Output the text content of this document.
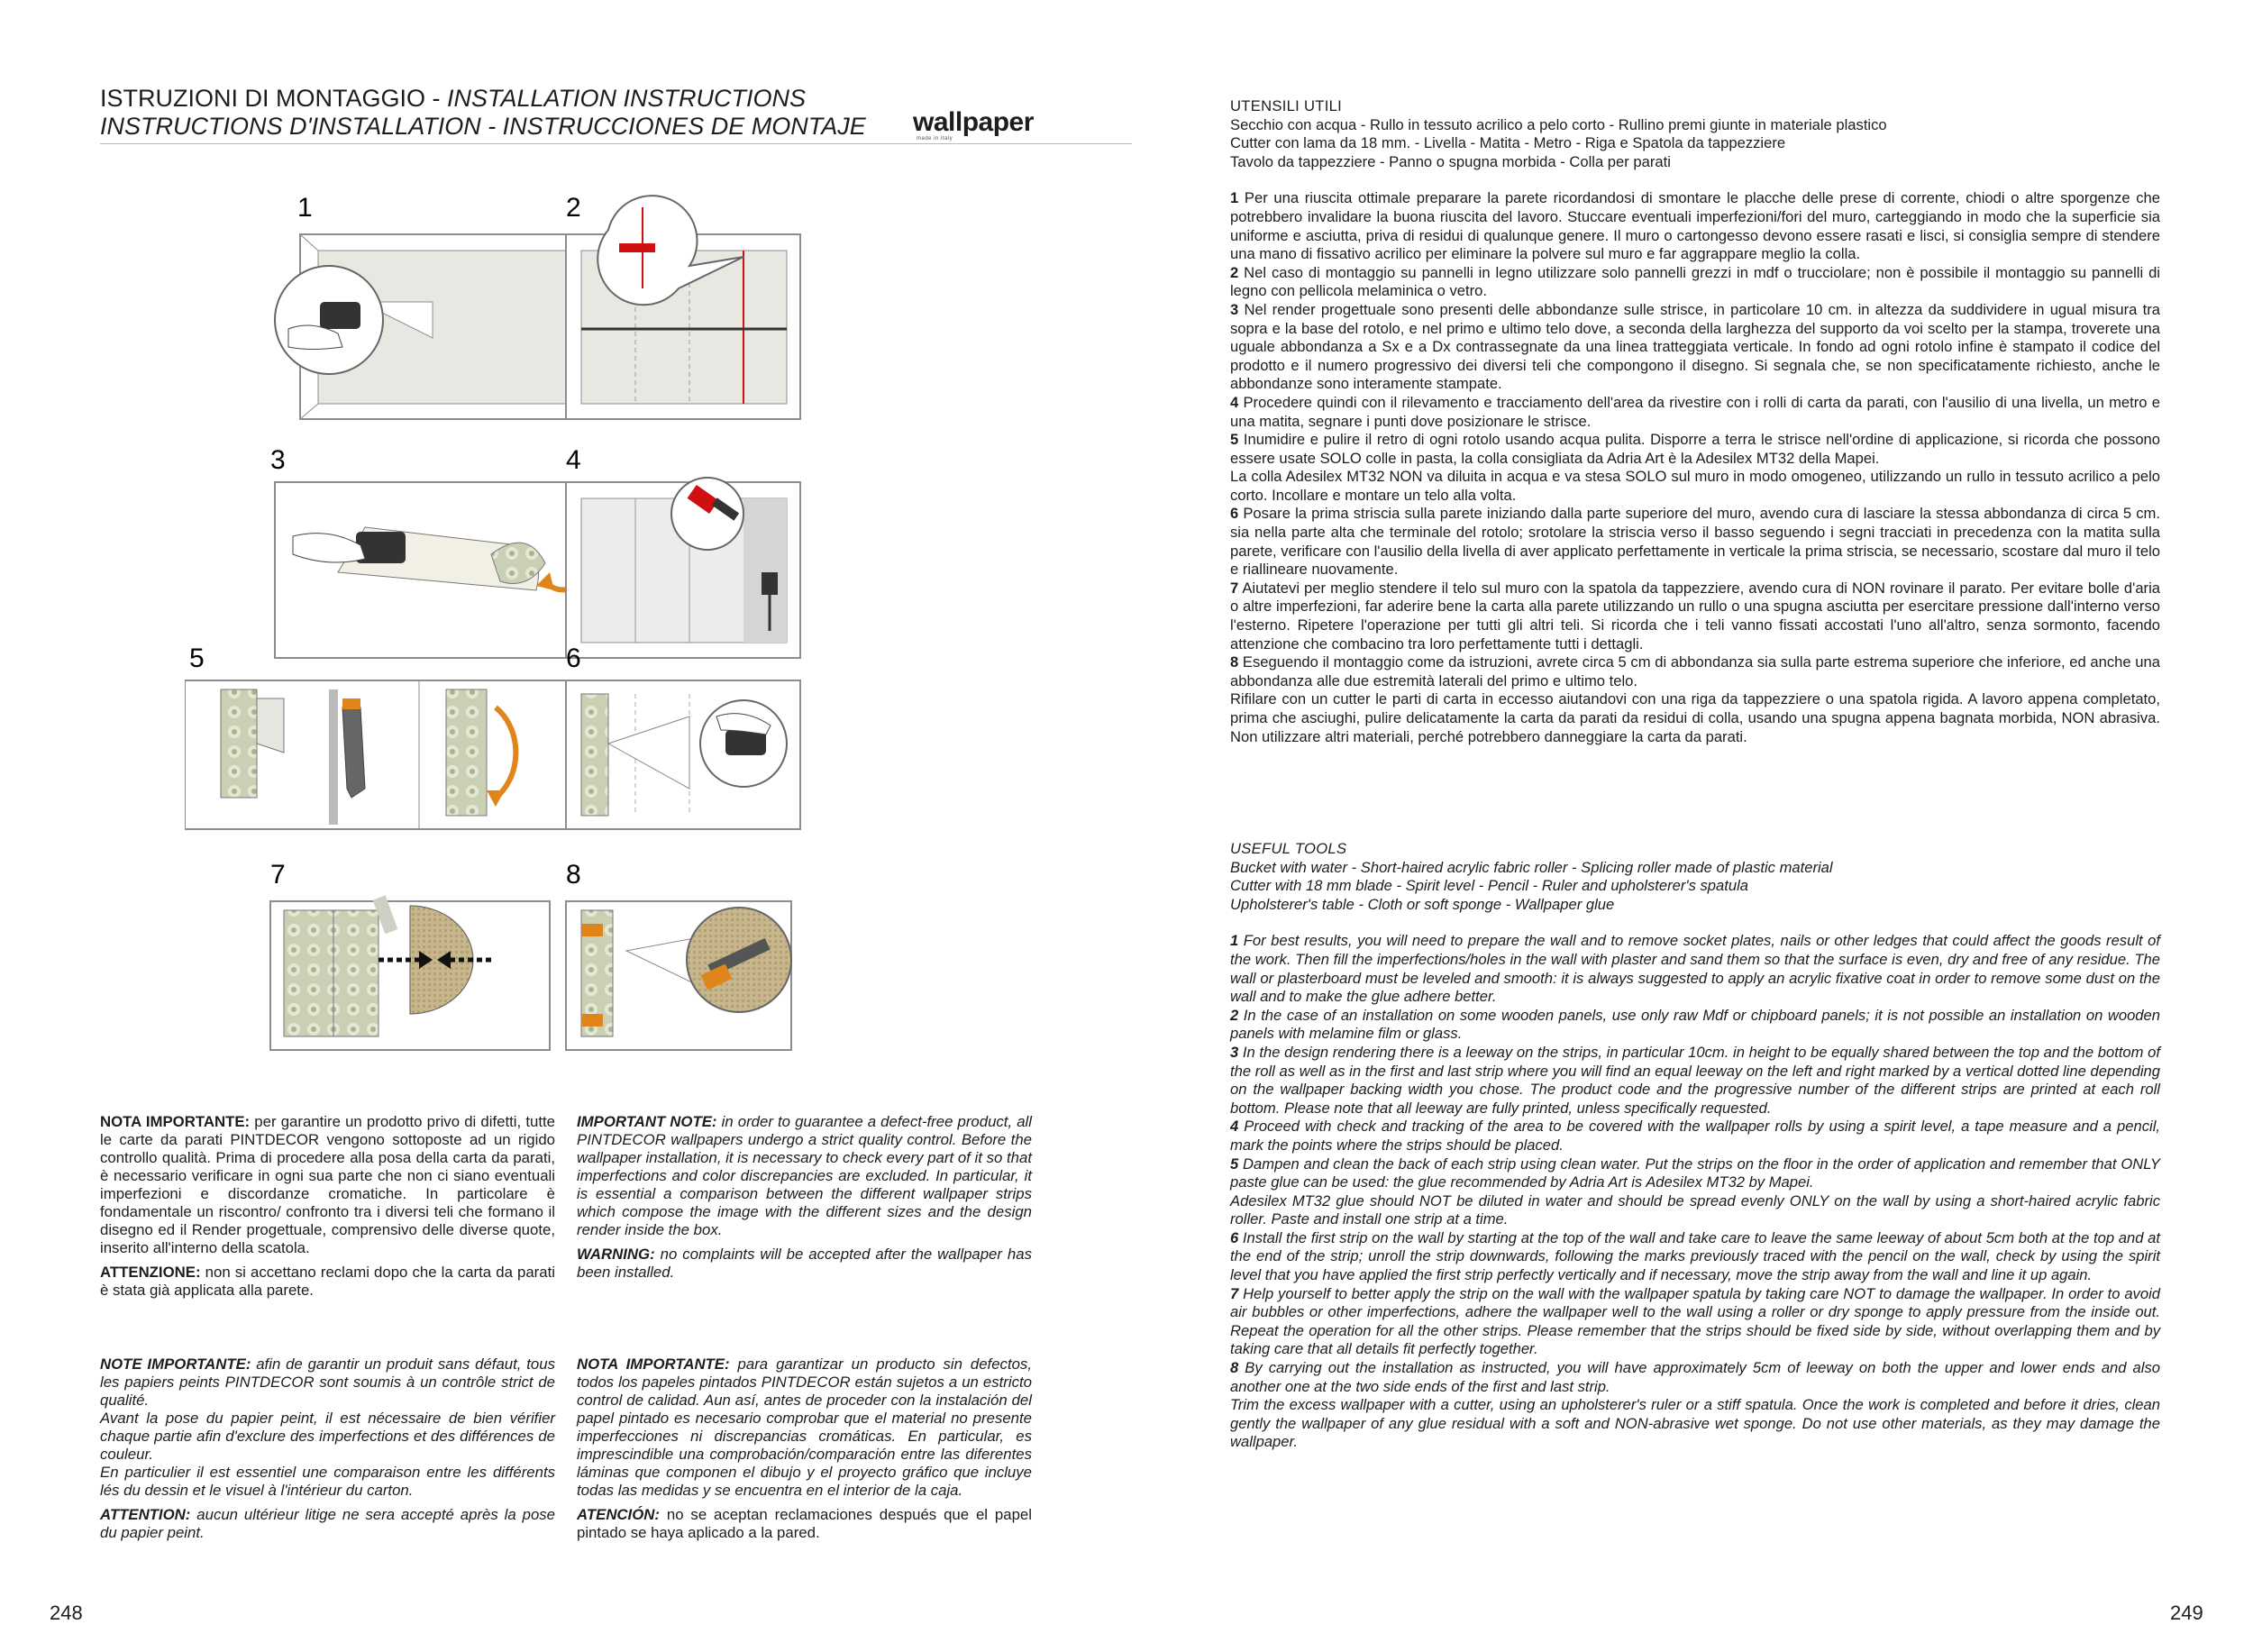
ISTRUZIONI DI MONTAGGIO - INSTALLATION INSTRUCTIONS
INSTRUCTIONS D'INSTALLATION - INSTRUCCIONES DE MONTAJE	wallpaper
made in italy
1	2
3	4
5	6
7	8

NOTA IMPORTANTE: per garantire un prodotto privo di difetti, tutte le carte da parati PINTDECOR vengono sottoposte ad un rigido controllo qualità. Prima di procedere alla posa della carta da parati, è necessario verificare in ogni sua parte che non ci siano eventuali imperfezioni e discordanze cromatiche. In particolare è fondamentale un riscontro/ confronto tra i diversi teli che formano il disegno ed il Render progettuale, comprensivo delle diverse quote, inserito all'interno della scatola.

ATTENZIONE: non si accettano reclami dopo che la carta da parati è stata già applicata alla parete.

IMPORTANT NOTE: in order to guarantee a defect-free product, all PINTDECOR wallpapers undergo a strict quality control. Before the wallpaper installation, it is necessary to check every part of it so that imperfections and color discrepancies are excluded. In particular, it is essential a comparison between the different wallpaper strips which compose the image with the different sizes and the design render inside the box.

WARNING: no complaints will be accepted after the wallpaper has been installed.

NOTE IMPORTANTE: afin de garantir un produit sans défaut, tous les papiers peints PINTDECOR sont soumis à un contrôle strict de qualité.

Avant la pose du papier peint, il est nécessaire de bien vérifier chaque partie afin d'exclure des imperfections et des différences de couleur.

En particulier il est essentiel une comparaison entre les différents lés du dessin et le visuel à l'intérieur du carton.

ATTENTION: aucun ultérieur litige ne sera accepté après la pose du papier peint.

NOTA IMPORTANTE: para garantizar un producto sin defectos, todos los papeles pintados PINTDECOR están sujetos a un estricto control de calidad. Aun así, antes de proceder con la instalación del papel pintado es necesario comprobar que el material no presente imperfecciones ni discrepancias cromáticas. En particular, es imprescindible una comprobación/comparación entre las diferentes láminas que componen el dibujo y el proyecto gráfico que incluye todas las medidas y se encuentra en el interior de la caja.

ATENCIÓN: no se aceptan reclamaciones después que el papel pintado se haya aplicado a la pared.

UTENSILI UTILI

Secchio con acqua - Rullo in tessuto acrilico a pelo corto - Rullino premi giunte in materiale plastico

Cutter con lama da 18 mm. - Livella - Matita - Metro - Riga e Spatola da tappezziere

Tavolo da tappezziere - Panno o spugna morbida - Colla per parati

1 Per una riuscita ottimale preparare la parete ricordandosi di smontare le placche delle prese di corrente, chiodi o altre sporgenze che potrebbero invalidare la buona riuscita del lavoro. Stuccare eventuali imperfezioni/fori del muro, carteggiando in modo che la superficie sia uniforme e asciutta, priva di residui di qualunque genere. Il muro o cartongesso devono essere rasati e lisci, si consiglia sempre di stendere una mano di fissativo acrilico per eliminare la polvere sul muro e far aggrappare meglio la colla.

2 Nel caso di montaggio su pannelli in legno utilizzare solo pannelli grezzi in mdf o trucciolare; non è possibile il montaggio su pannelli di legno con pellicola melaminica o vetro.

3 Nel render progettuale sono presenti delle abbondanze sulle strisce, in particolare 10 cm. in altezza da suddividere in ugual misura tra sopra e la base del rotolo, e nel primo e ultimo telo dove, a seconda della larghezza del supporto da voi scelto per la stampa, troverete una uguale abbondanza a Sx e a Dx contrassegnate da una linea tratteggiata verticale. In fondo ad ogni rotolo infine è stampato il codice del prodotto e il numero progressivo dei diversi teli che compongono il disegno. Si segnala che, se non specificatamente richiesto, anche le abbondanze sono interamente stampate.

4 Procedere quindi con il rilevamento e tracciamento dell'area da rivestire con i rolli di carta da parati, con l'ausilio di una livella, un metro e una matita, segnare i punti dove posizionare le strisce.

5 Inumidire e pulire il retro di ogni rotolo usando acqua pulita. Disporre a terra le strisce nell'ordine di applicazione, si ricorda che possono essere usate SOLO colle in pasta, la colla consigliata da Adria Art è la Adesilex MT32 della Mapei.

La colla Adesilex MT32 NON va diluita in acqua e va stesa SOLO sul muro in modo omogeneo, utilizzando un rullo in tessuto acrilico a pelo corto. Incollare e montare un telo alla volta.

6 Posare la prima striscia sulla parete iniziando dalla parte superiore del muro, avendo cura di lasciare la stessa abbondanza di circa 5 cm. sia nella parte alta che terminale del rotolo; srotolare la striscia verso il basso seguendo i segni tracciati in precedenza con la matita sulla parete, verificare con l'ausilio della livella di aver applicato perfettamente in verticale la prima striscia, se necessario, scostare dal muro il telo e riallineare nuovamente.

7 Aiutatevi per meglio stendere il telo sul muro con la spatola da tappezziere, avendo cura di NON rovinare il parato. Per evitare bolle d'aria o altre imperfezioni, far aderire bene la carta alla parete utilizzando un rullo o una spugna asciutta per esercitare pressione dall'interno verso l'esterno. Ripetere l'operazione per tutti gli altri teli. Si ricorda che i teli vanno fissati accostati l'uno all'altro, senza sormonto, facendo attenzione che combacino tra loro perfettamente tutti i dettagli.

8 Eseguendo il montaggio come da istruzioni, avrete circa 5 cm di abbondanza sia sulla parte estrema superiore che inferiore, ed anche una abbondanza alle due estremità laterali del primo e ultimo telo.

Rifilare con un cutter le parti di carta in eccesso aiutandovi con una riga da tappezziere o una spatola rigida. A lavoro appena completato, prima che asciughi, pulire delicatamente la carta da parati da residui di colla, usando una spugna appena bagnata morbida, NON abrasiva. Non utilizzare altri materiali, perché potrebbero danneggiare la carta da parati.

USEFUL TOOLS

Bucket with water - Short-haired acrylic fabric roller - Splicing roller made of plastic material

Cutter with 18 mm blade - Spirit level - Pencil - Ruler and upholsterer's spatula

Upholsterer's table - Cloth or soft sponge - Wallpaper glue

1 For best results, you will need to prepare the wall and to remove socket plates, nails or other ledges that could affect the goods result of the work. Then fill the imperfections/holes in the wall with plaster and sand them so that the surface is even, dry and free of any residue. The wall or plasterboard must be leveled and smooth: it is always suggested to apply an acrylic fixative coat in order to remove some dust on the wall and to make the glue adhere better.

2 In the case of an installation on some wooden panels, use only raw Mdf or chipboard panels; it is not possible an installation on wooden panels with melamine film or glass.

3 In the design rendering there is a leeway on the strips, in particular 10cm. in height to be equally shared between the top and the bottom of the roll as well as in the first and last strip where you will find an equal leeway on the left and right marked by a vertical dotted line depending on the wallpaper backing width you chose. The product code and the progressive number of the different strips are printed at each roll bottom. Please note that all leeway are fully printed, unless specifically requested.

4 Proceed with check and tracking of the area to be covered with the wallpaper rolls by using a spirit level, a tape measure and a pencil, mark the points where the strips should be placed.

5 Dampen and clean the back of each strip using clean water. Put the strips on the floor in the order of application and remember that ONLY paste glue can be used: the glue recommended by Adria Art is Adesilex MT32 by Mapei.

Adesilex MT32 glue should NOT be diluted in water and should be spread evenly ONLY on the wall by using a short-haired acrylic fabric roller. Paste and install one strip at a time.

6 Install the first strip on the wall by starting at the top of the wall and take care to leave the same leeway of about 5cm both at the top and at the end of the strip; unroll the strip downwards, following the marks previously traced with the pencil on the wall, check by using the spirit level that you have applied the first strip perfectly vertically and if necessary, move the strip away from the wall and line it up again.

7 Help yourself to better apply the strip on the wall with the wallpaper spatula by taking care NOT to damage the wallpaper. In order to avoid air bubbles or other imperfections, adhere the wallpaper well to the wall using a roller or dry sponge to apply pressure from the inside out. Repeat the operation for all the other strips. Please remember that the strips should be fixed side by side, without overlapping them and by taking care that all details fit perfectly together.

8 By carrying out the installation as instructed, you will have approximately 5cm of leeway on both the upper and lower ends and also another one at the two side ends of the first and last strip.

Trim the excess wallpaper with a cutter, using an upholsterer's ruler or a stiff spatula. Once the work is completed and before it dries, clean gently the wallpaper of any glue residual with a soft and NON-abrasive wet sponge. Do not use other materials, as they may damage the wallpaper.

248	249
